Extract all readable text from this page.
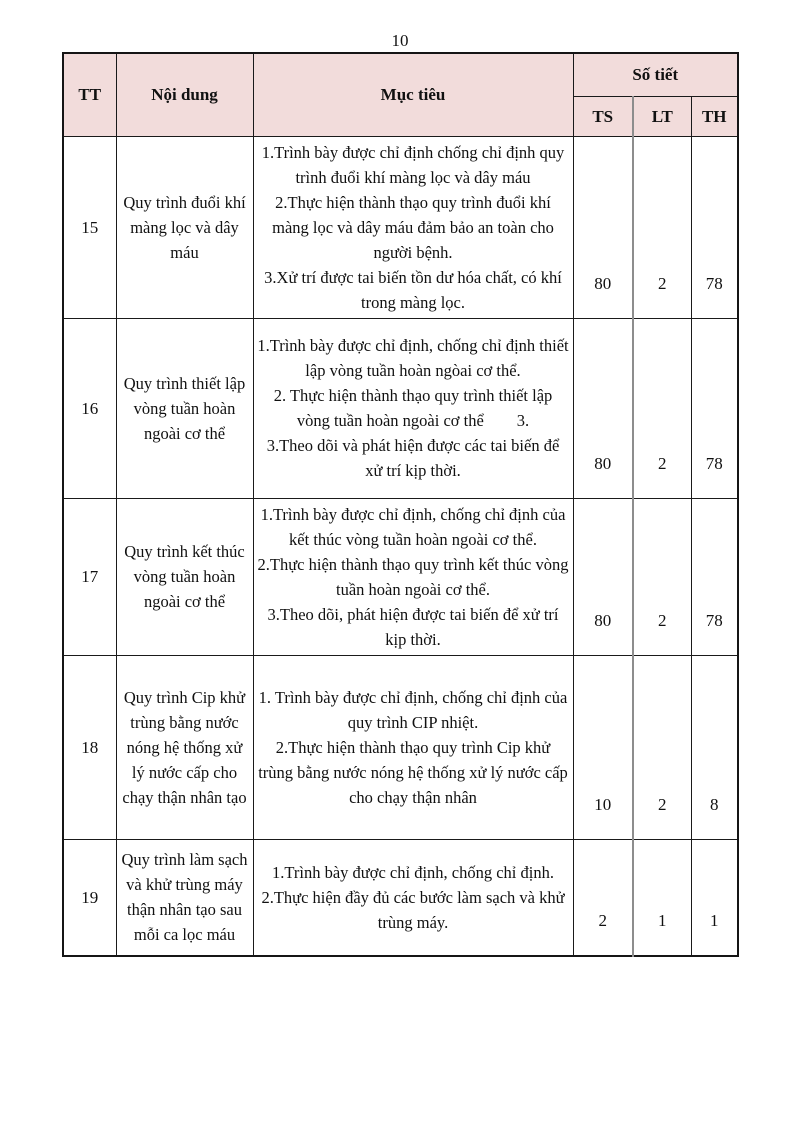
10
TT	Nội dung	Mục tiêu	Số tiết		
			TS	LT	TH
15	Quy trình đuổi khí màng lọc và dây máu	1.Trình bày được chỉ định chống chỉ định quy trình đuổi khí màng lọc và dây máu
2.Thực hiện thành thạo quy trình đuổi khí màng lọc và dây máu đảm bảo an toàn cho người bệnh.
3.Xử trí được tai biến tồn dư hóa chất, có khí trong màng lọc.	80	2	78
16	Quy trình thiết lập vòng tuần hoàn ngoài cơ thể	1.Trình bày được chỉ định, chống chỉ định thiết lập vòng tuần hoàn ngòai cơ thể.
2. Thực hiện thành thạo quy trình thiết lập vòng tuần hoàn ngoài cơ thể        3.
3.Theo dõi và phát hiện được các tai biến để xử trí kịp thời.	80	2	78
17	Quy trình kết thúc vòng tuần hoàn ngoài cơ thể	1.Trình bày được chỉ định, chống chỉ định của kết thúc vòng tuần hoàn ngoài cơ thể.
2.Thực hiện thành thạo quy trình kết thúc vòng tuần hoàn ngoài cơ thể.
3.Theo dõi, phát hiện được tai biến để xử trí kịp thời.	80	2	78
18	Quy trình Cip khử trùng bằng nước nóng hệ thống xử lý nước cấp cho chạy thận nhân tạo	1. Trình bày được chỉ định, chống chỉ định của quy trình CIP nhiệt.
2.Thực hiện thành thạo quy trình Cip khử trùng bằng nước nóng hệ thống xử lý nước cấp cho chạy thận nhân	10	2	8
19	Quy trình làm sạch và khử trùng máy thận nhân tạo sau mỗi ca lọc máu	1.Trình bày được chỉ định, chống chỉ định.
2.Thực hiện đầy đủ các bước làm sạch và khử trùng máy.	2	1	1
